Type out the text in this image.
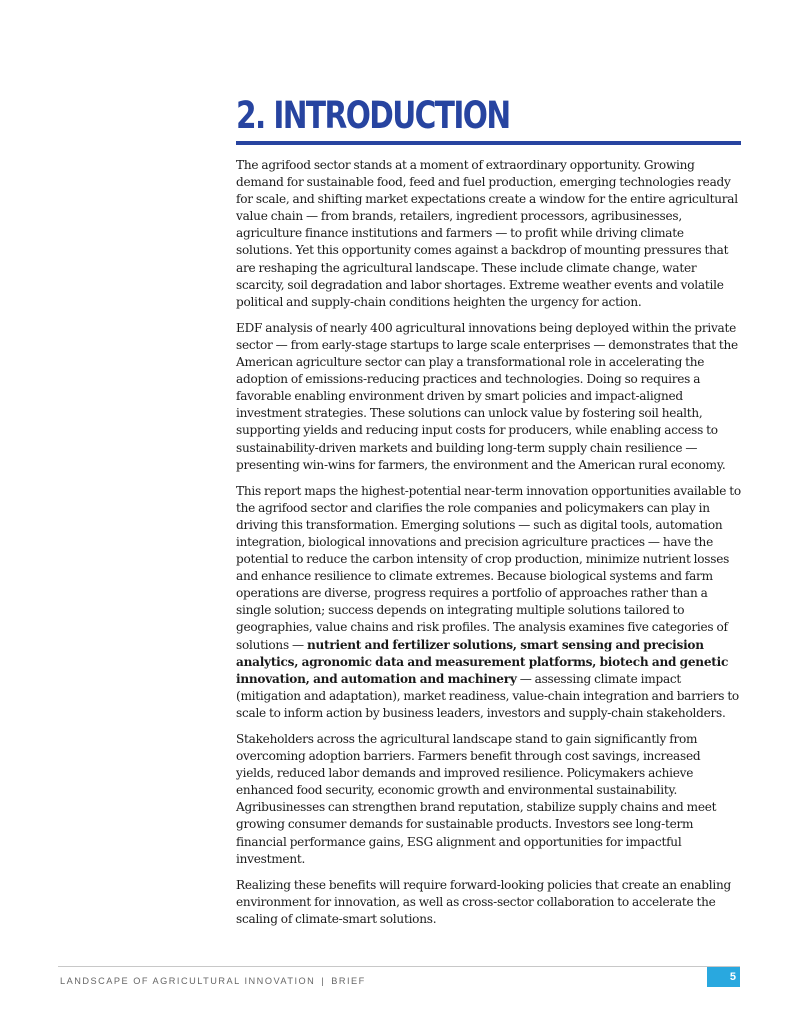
2. INTRODUCTION

The agrifood sector stands at a moment of extraordinary opportunity. Growing demand for sustainable food, feed and fuel production, emerging technologies ready for scale, and shifting market expectations create a window for the entire agricultural value chain — from brands, retailers, ingredient processors, agribusinesses, agriculture finance institutions and farmers — to profit while driving climate solutions. Yet this opportunity comes against a backdrop of mounting pressures that are reshaping the agricultural landscape. These include climate change, water scarcity, soil degradation and labor shortages. Extreme weather events and volatile political and supply-chain conditions heighten the urgency for action.

EDF analysis of nearly 400 agricultural innovations being deployed within the private sector — from early-stage startups to large scale enterprises — demonstrates that the American agriculture sector can play a transformational role in accelerating the adoption of emissions-reducing practices and technologies. Doing so requires a favorable enabling environment driven by smart policies and impact-aligned investment strategies. These solutions can unlock value by fostering soil health, supporting yields and reducing input costs for producers, while enabling access to sustainability-driven markets and building long-term supply chain resilience — presenting win-wins for farmers, the environment and the American rural economy.

This report maps the highest-potential near-term innovation opportunities available to the agrifood sector and clarifies the role companies and policymakers can play in driving this transformation. Emerging solutions — such as digital tools, automation integration, biological innovations and precision agriculture practices — have the potential to reduce the carbon intensity of crop production, minimize nutrient losses and enhance resilience to climate extremes. Because biological systems and farm operations are diverse, progress requires a portfolio of approaches rather than a single solution; success depends on integrating multiple solutions tailored to geographies, value chains and risk profiles. The analysis examines five categories of solutions — nutrient and fertilizer solutions, smart sensing and precision analytics, agronomic data and measurement platforms, biotech and genetic innovation, and automation and machinery — assessing climate impact (mitigation and adaptation), market readiness, value-chain integration and barriers to scale to inform action by business leaders, investors and supply-chain stakeholders.

Stakeholders across the agricultural landscape stand to gain significantly from overcoming adoption barriers. Farmers benefit through cost savings, increased yields, reduced labor demands and improved resilience. Policymakers achieve enhanced food security, economic growth and environmental sustainability. Agribusinesses can strengthen brand reputation, stabilize supply chains and meet growing consumer demands for sustainable products. Investors see long-term financial performance gains, ESG alignment and opportunities for impactful investment.

Realizing these benefits will require forward-looking policies that create an enabling environment for innovation, as well as cross-sector collaboration to accelerate the scaling of climate-smart solutions.

LANDSCAPE OF AGRICULTURAL INNOVATION | BRIEF	5
